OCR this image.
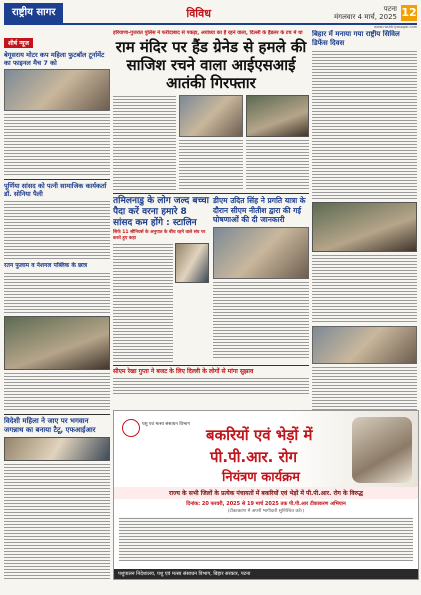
राष्ट्रीय सागर	विविध	पटना
मंगलवार 4 मार्च, 2025 12
www.rashtriyasagar.com
शीर्ष न्यूज
बेगूसराय मोटर कप महिला फुटबॉल टूर्नामेंट का फाइनल मैच 7 को
पूर्णिया सांसद को पत्नी सामाजिक कार्यकर्ता डॉ. सोनिया पैली
रतन फुलाम व नेशनल पब्लिक के छात्र
विदेशी महिला ने जाए पर भगवान जगन्नाथ का बनाया टैटू, एफआईआर
हरियाणा-गुजरात पुलिस ने फरीदाबाद से पकड़ा, अयोध्या का है रहने वाला, दिल्ली के हैंडलर के टच में था
राम मंदिर पर हैंड ग्रेनेड से हमले की साजिश रचने वाला आईएसआई आतंकी गिरफ्तार
तमिलनाडु के लोग जल्द बच्चा पैदा करें वरना हमारे 8 सांसद कम होंगे : स्टालिन
सिर्फ 11 सीनियर्स के अनुपात के बीच रहने वाले संघ पर करते हुए कहा
डीएम उदित सिंह ने प्रगति यात्रा के दौरान सीएम नीतीश द्वारा की गई घोषणाओं की दी जानकारी
सीएम रेखा गुप्ता ने बजट के लिए दिल्ली के लोगों से मांगा सुझाव
बिहार में मनाया गया राष्ट्रीय सिविल डिफेंस दिवस
पशु एवं मत्स्य संसाधन विभाग
बकरियों एवं भेड़ों में
पी.पी.आर. रोग
नियंत्रण कार्यक्रम
राज्य के सभी जिलों के प्रत्येक पंचायतों में बकरियों एवं भेड़ों में पी.पी.आर. रोग के विरुद्ध
दिनांक: 20 फरवरी, 2025 से 19 मार्च 2025 तक पी.पी.आर टीकाकरण अभियान
(टीकाकरण में अपनी भागीदारी सुनिश्चित करें।)
पशुपालन निदेशालय, पशु एवं मत्स्य संसाधन विभाग, बिहार सरकार, पटना
